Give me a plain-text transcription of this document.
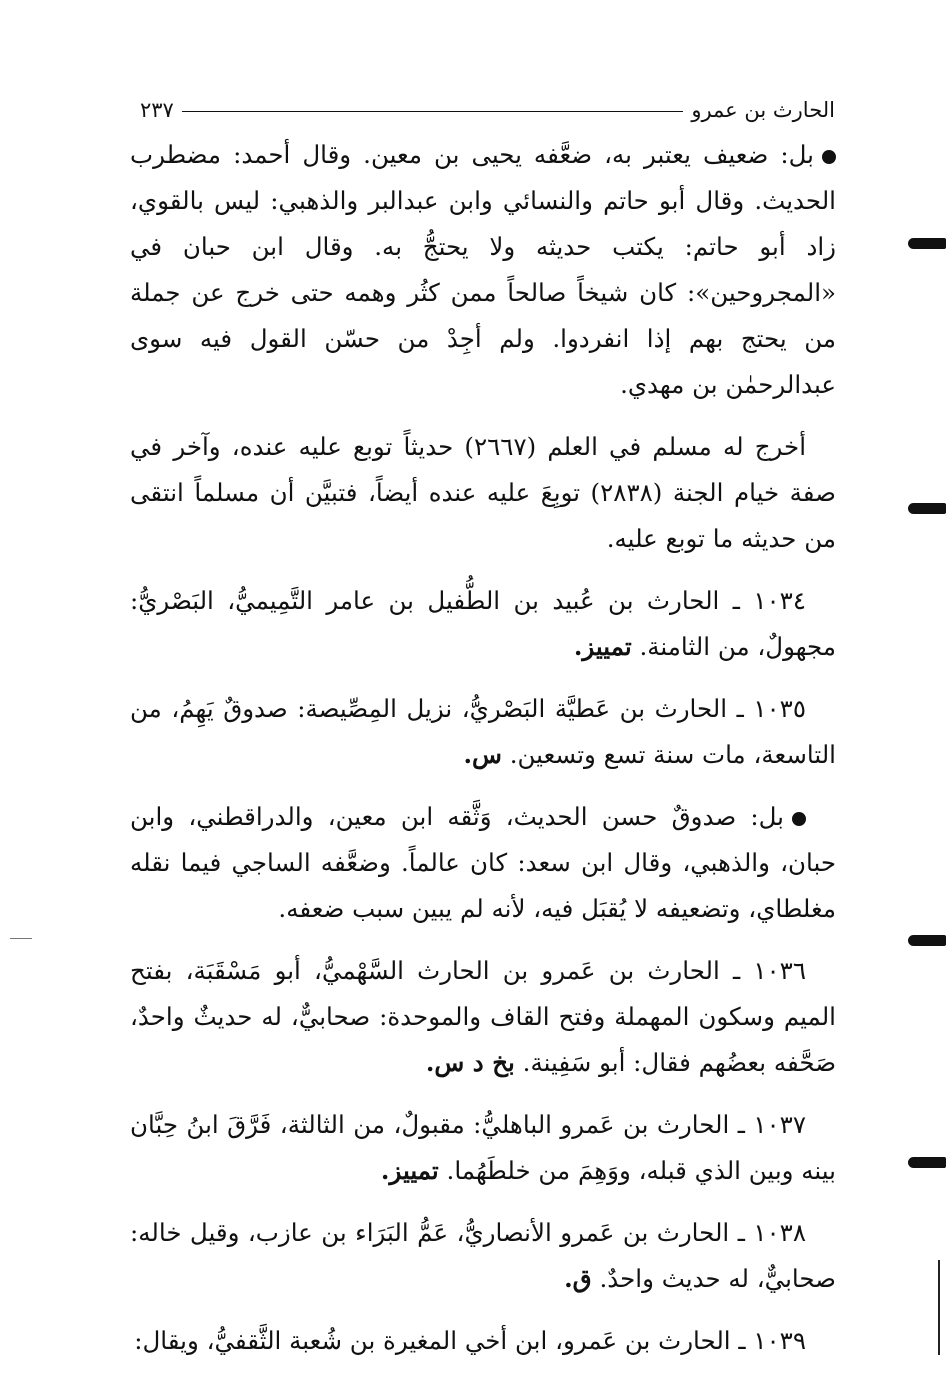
الحارث بن عمرو
٢٣٧

بل: ضعيف يعتبر به، ضعَّفه يحيى بن معين. وقال أحمد: مضطرب الحديث. وقال أبو حاتم والنسائي وابن عبدالبر والذهبي: ليس بالقوي، زاد أبو حاتم: يكتب حديثه ولا يحتجُّ به. وقال ابن حبان في «المجروحين»: كان شيخاً صالحاً ممن كثُر وهمه حتى خرج عن جملة من يحتج بهم إذا انفردوا. ولم أجِدْ من حسّن القول فيه سوى عبدالرحمٰن بن مهدي.

أخرج له مسلم في العلم (٢٦٦٧) حديثاً توبع عليه عنده، وآخر في صفة خيام الجنة (٢٨٣٨) توبِعَ عليه عنده أيضاً، فتبيَّن أن مسلماً انتقى من حديثه ما توبع عليه.

١٠٣٤ ـ الحارث بن عُبيد بن الطُّفيل بن عامر التَّمِيميُّ، البَصْريُّ: مجهولٌ، من الثامنة. تمييز.

١٠٣٥ ـ الحارث بن عَطيَّة البَصْريُّ، نزيل المِصِّيصة: صدوقٌ يَهِمُ، من التاسعة، مات سنة تسع وتسعين. س.

بل: صدوقٌ حسن الحديث، وَثَّقه ابن معين، والدراقطني، وابن حبان، والذهبي، وقال ابن سعد: كان عالماً. وضعَّفه الساجي فيما نقله مغلطاي، وتضعيفه لا يُقبَل فيه، لأنه لم يبين سبب ضعفه.

١٠٣٦ ـ الحارث بن عَمرو بن الحارث السَّهْميُّ، أبو مَسْقَبَة، بفتح الميم وسكون المهملة وفتح القاف والموحدة: صحابيٌّ، له حديثٌ واحدٌ، صَحَّفه بعضُهم فقال: أبو سَفِينة. بخ د س.

١٠٣٧ ـ الحارث بن عَمرو الباهليُّ: مقبولٌ، من الثالثة، فَرَّقَ ابنُ حِبَّان بينه وبين الذي قبله، ووَهِمَ من خلطَهُما. تمييز.

١٠٣٨ ـ الحارث بن عَمرو الأنصاريُّ، عَمُّ البَرَاء بن عازب، وقيل خاله: صحابيٌّ، له حديث واحدٌ. ق.

١٠٣٩ ـ الحارث بن عَمرو، ابن أخي المغيرة بن شُعبة الثَّقفيُّ، ويقال:
